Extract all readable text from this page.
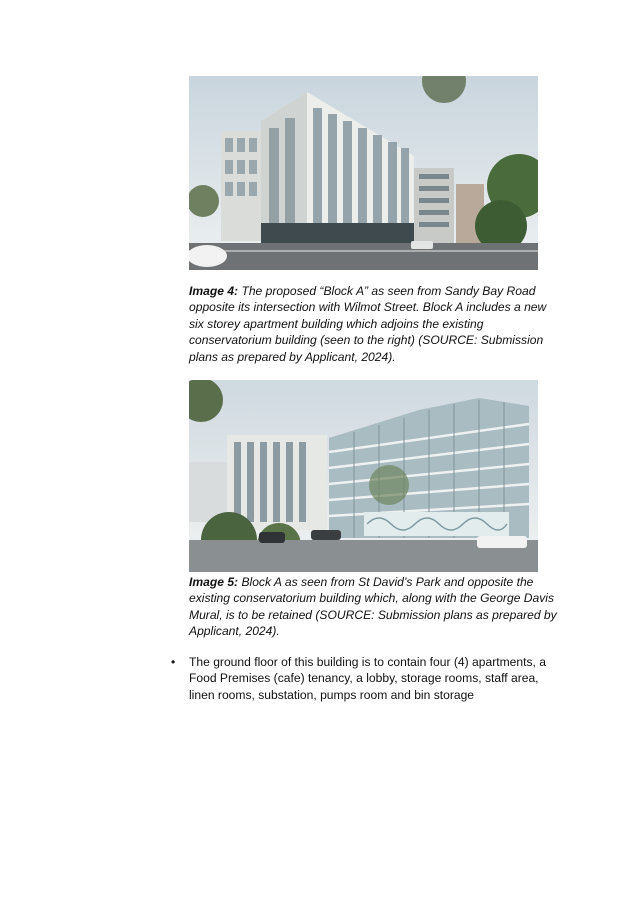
Image 4: The proposed “Block A” as seen from Sandy Bay Road opposite its intersection with Wilmot Street. Block A includes a new six storey apartment building which adjoins the existing conservatorium building (seen to the right) (SOURCE: Submission plans as prepared by Applicant, 2024).

Image 5: Block A as seen from St David’s Park and opposite the existing conservatorium building which, along with the George Davis Mural, is to be retained (SOURCE: Submission plans as prepared by Applicant, 2024).

• The ground floor of this building is to contain four (4) apartments, a Food Premises (cafe) tenancy, a lobby, storage rooms, staff area, linen rooms, substation, pumps room and bin storage
